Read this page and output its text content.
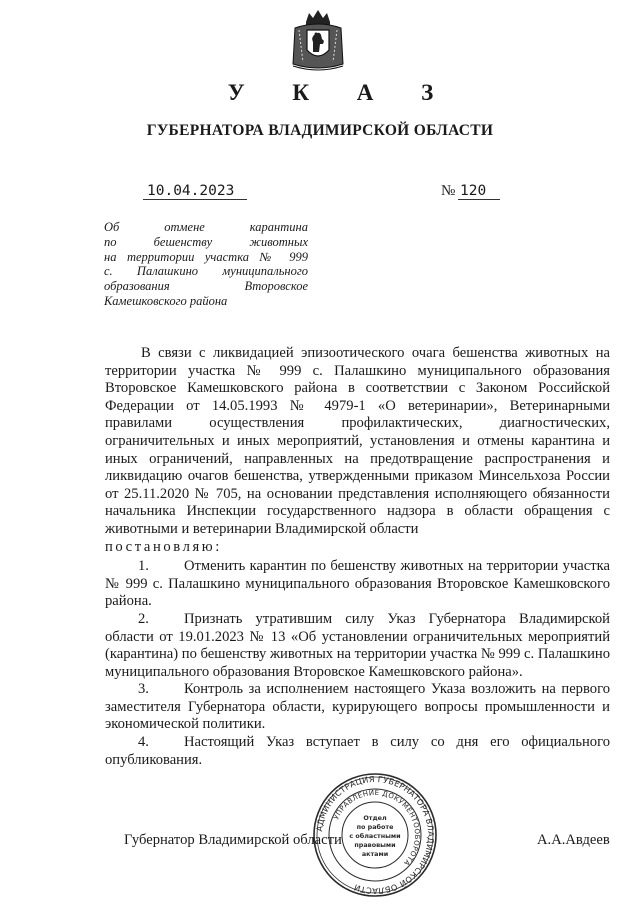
У К А З
ГУБЕРНАТОРА ВЛАДИМИРСКОЙ ОБЛАСТИ
10.04.2023	№ 120
Об отмене карантина
по бешенству животных
на территории участка № 999
с. Палашкино муниципального
образования Второвское
Камешковского района

В связи с ликвидацией эпизоотического очага бешенства животных на территории участка № 999 с. Палашкино муниципального образования Второвское Камешковского района в соответствии с Законом Российской Федерации от 14.05.1993 № 4979-1 «О ветеринарии», Ветеринарными правилами осуществления профилактических, диагностических, ограничительных и иных мероприятий, установления и отмены карантина и иных ограничений, направленных на предотвращение распространения и ликвидацию очагов бешенства, утвержденными приказом Минсельхоза России от 25.11.2020 № 705, на основании представления исполняющего обязанности начальника Инспекции государственного надзора в области обращения с животными и ветеринарии Владимирской области

постановляю:

1. Отменить карантин по бешенству животных на территории участка № 999 с. Палашкино муниципального образования Второвское Камешковского района.

2. Признать утратившим силу Указ Губернатора Владимирской области от 19.01.2023 № 13 «Об установлении ограничительных мероприятий (карантина) по бешенству животных на территории участка № 999 с. Палашкино муниципального образования Второвское Камешковского района».

3. Контроль за исполнением настоящего Указа возложить на первого заместителя Губернатора области, курирующего вопросы промышленности и экономической политики.

4. Настоящий Указ вступает в силу со дня его официального опубликования.

Губернатор Владимирской области	А.А.Авдеев
АДМИНИСТРАЦИЯ ГУБЕРНАТОРА ВЛАДИМИРСКОЙ ОБЛАСТИ
УПРАВЛЕНИЕ ДОКУМЕНТООБОРОТА
Отдел
по работе
с областными
правовыми
актами
